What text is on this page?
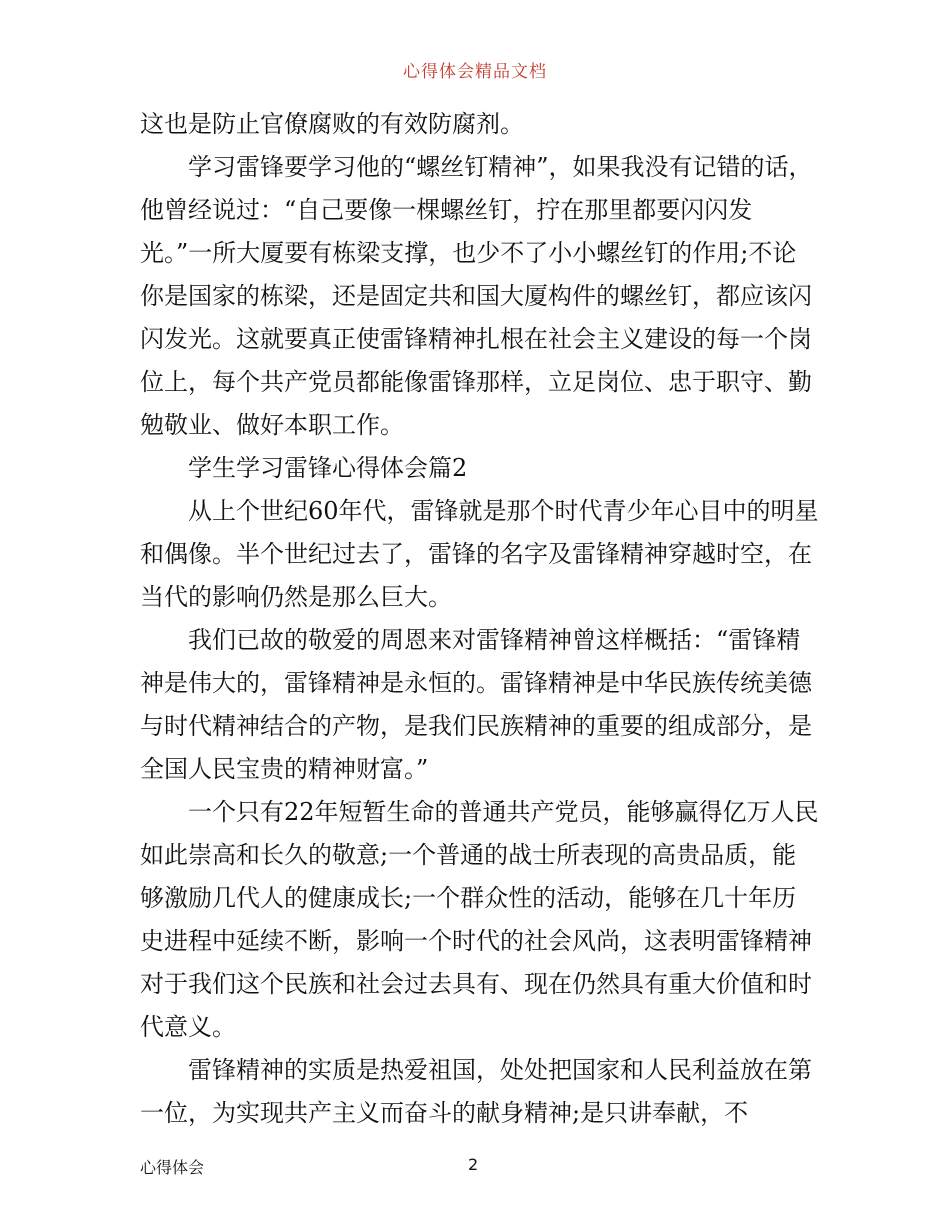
心得体会精品文档

这也是防止官僚腐败的有效防腐剂。

学习雷锋要学习他的“螺丝钉精神”，如果我没有记错的话，他曾经说过：“自己要像一棵螺丝钉，拧在那里都要闪闪发光。”一所大厦要有栋梁支撑，也少不了小小螺丝钉的作用;不论你是国家的栋梁，还是固定共和国大厦构件的螺丝钉，都应该闪闪发光。这就要真正使雷锋精神扎根在社会主义建设的每一个岗位上，每个共产党员都能像雷锋那样，立足岗位、忠于职守、勤勉敬业、做好本职工作。

学生学习雷锋心得体会篇2

从上个世纪60年代，雷锋就是那个时代青少年心目中的明星和偶像。半个世纪过去了，雷锋的名字及雷锋精神穿越时空，在当代的影响仍然是那么巨大。

我们已故的敬爱的周恩来对雷锋精神曾这样概括：“雷锋精神是伟大的，雷锋精神是永恒的。雷锋精神是中华民族传统美德与时代精神结合的产物，是我们民族精神的重要的组成部分，是全国人民宝贵的精神财富。”

一个只有22年短暂生命的普通共产党员，能够赢得亿万人民如此崇高和长久的敬意;一个普通的战士所表现的高贵品质，能够激励几代人的健康成长;一个群众性的活动，能够在几十年历史进程中延续不断，影响一个时代的社会风尚，这表明雷锋精神对于我们这个民族和社会过去具有、现在仍然具有重大价值和时代意义。

雷锋精神的实质是热爱祖国，处处把国家和人民利益放在第一位，为实现共产主义而奋斗的献身精神;是只讲奉献，不

心得体会	2
